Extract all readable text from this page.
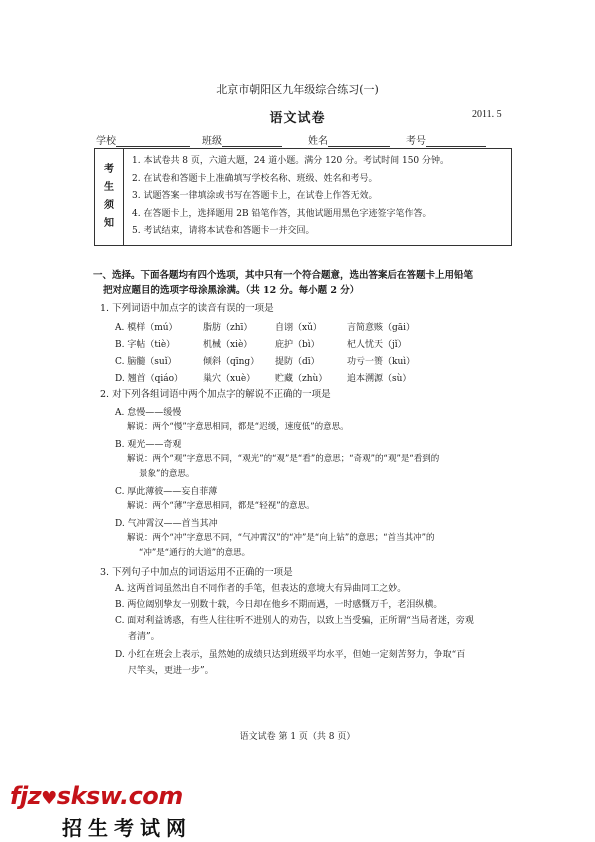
北京市朝阳区九年级综合练习(一)
语文试卷	2011. 5
学校	班级	姓名	考号
考
生
须
知
1. 本试卷共 8 页，六道大题，24 道小题。满分 120 分。考试时间 150 分钟。
2. 在试卷和答题卡上准确填写学校名称、班级、姓名和考号。
3. 试题答案一律填涂或书写在答题卡上，在试卷上作答无效。
4. 在答题卡上，选择题用 2B 铅笔作答，其他试题用黑色字迹签字笔作答。
5. 考试结束，请将本试卷和答题卡一并交回。
一、选择。下面各题均有四个选项，其中只有一个符合题意，选出答案后在答题卡上用铅笔
把对应题目的选项字母涂黑涂满。（共 12 分。每小题 2 分）
1. 下列词语中加点字的读音有误的一项是
A. 模样（mú）	脂肪（zhī）	自诩（xǔ）	言简意赅（gāi）
B. 字帖（tiè）	机械（xiè）	庇护（bì）	杞人忧天（jǐ）
C. 脑髓（suǐ）	倾斜（qīng）	提防（dī）	功亏一篑（kuì）
D. 翘首（qiáo）	巢穴（xuè）	贮藏（zhù）	追本溯源（sù）
2. 对下列各组词语中两个加点字的解说不正确的一项是
A. 怠慢——缓慢
解说：两个“慢”字意思相同，都是“迟缓，速度低”的意思。
B. 观光——奇观
解说：两个“观”字意思不同，“观光”的“观”是“看”的意思；“奇观”的“观”是“看到的
景象”的意思。
C. 厚此薄彼——妄自菲薄
解说：两个“薄”字意思相同，都是“轻视”的意思。
D. 气冲霄汉——首当其冲
解说：两个“冲”字意思不同，“气冲霄汉”的“冲”是“向上钻”的意思；“首当其冲”的
“冲”是“通行的大道”的意思。
3. 下列句子中加点的词语运用不正确的一项是
A. 这两首词虽然出自不同作者的手笔，但表达的意境大有异曲同工之妙。
B. 两位阔别挚友一别数十载，今日却在他乡不期而遇，一时感慨万千，老泪纵横。
C. 面对利益诱惑，有些人往往听不进别人的劝告，以致上当受骗，正所谓“当局者迷，旁观
者清”。
D. 小红在班会上表示，虽然她的成绩只达到班级平均水平，但她一定刻苦努力，争取“百
尺竿头，更进一步”。
语文试卷 第 1 页（共 8 页）
fjz♥sksw.com
招生考试网
